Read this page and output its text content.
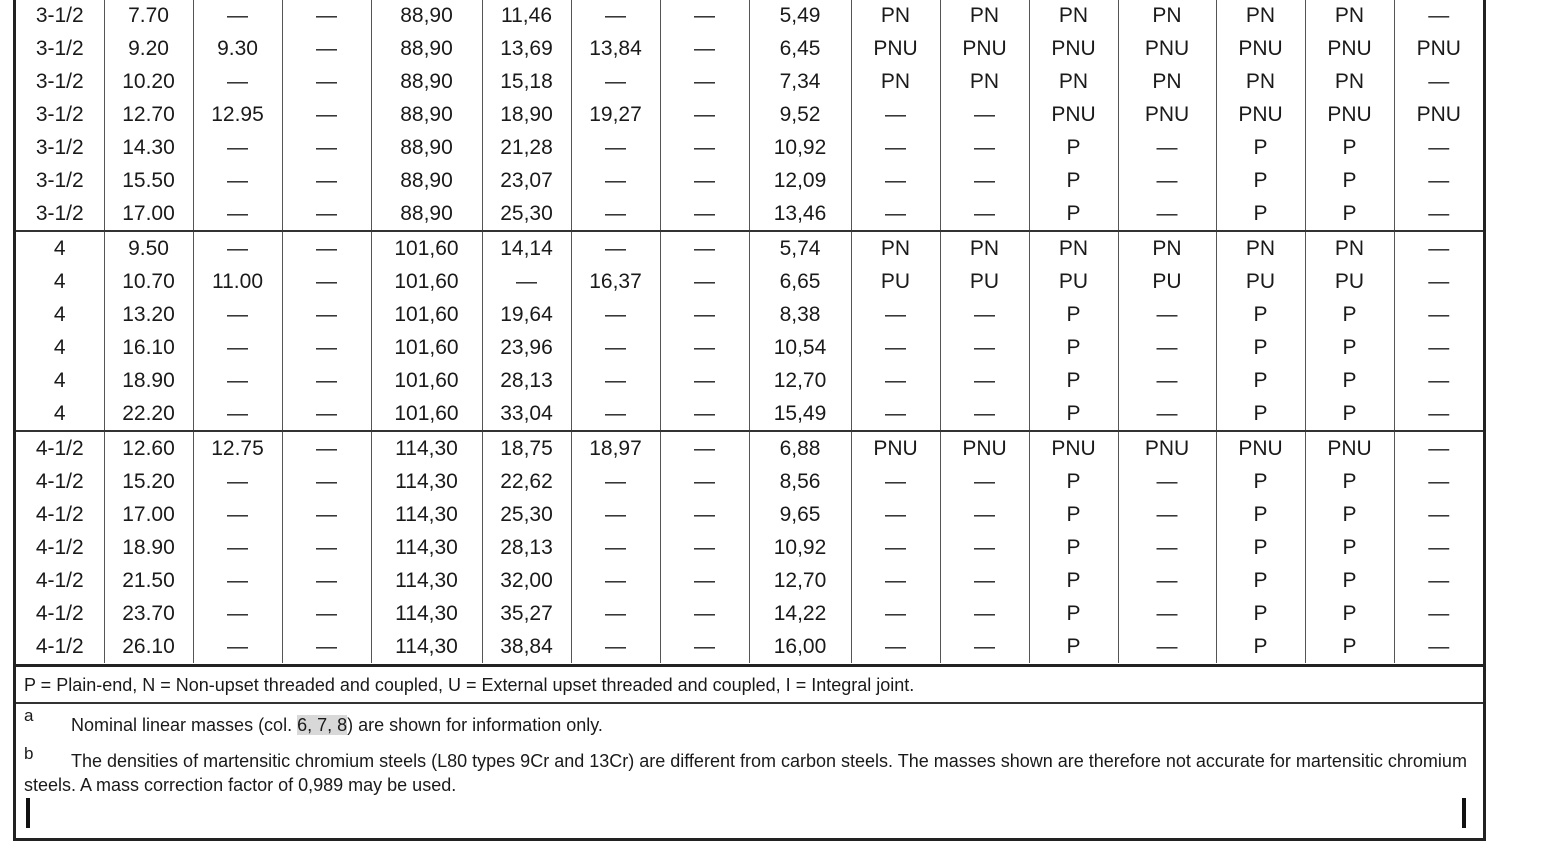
3-1/2	7.70	—	—	88,90	11,46	—	—	5,49	PN	PN	PN	PN	PN	PN	—
3-1/2	9.20	9.30	—	88,90	13,69	13,84	—	6,45	PNU	PNU	PNU	PNU	PNU	PNU	PNU
3-1/2	10.20	—	—	88,90	15,18	—	—	7,34	PN	PN	PN	PN	PN	PN	—
3-1/2	12.70	12.95	—	88,90	18,90	19,27	—	9,52	—	—	PNU	PNU	PNU	PNU	PNU
3-1/2	14.30	—	—	88,90	21,28	—	—	10,92	—	—	P	—	P	P	—
3-1/2	15.50	—	—	88,90	23,07	—	—	12,09	—	—	P	—	P	P	—
3-1/2	17.00	—	—	88,90	25,30	—	—	13,46	—	—	P	—	P	P	—
4	9.50	—	—	101,60	14,14	—	—	5,74	PN	PN	PN	PN	PN	PN	—
4	10.70	11.00	—	101,60	—	16,37	—	6,65	PU	PU	PU	PU	PU	PU	—
4	13.20	—	—	101,60	19,64	—	—	8,38	—	—	P	—	P	P	—
4	16.10	—	—	101,60	23,96	—	—	10,54	—	—	P	—	P	P	—
4	18.90	—	—	101,60	28,13	—	—	12,70	—	—	P	—	P	P	—
4	22.20	—	—	101,60	33,04	—	—	15,49	—	—	P	—	P	P	—
4-1/2	12.60	12.75	—	114,30	18,75	18,97	—	6,88	PNU	PNU	PNU	PNU	PNU	PNU	—
4-1/2	15.20	—	—	114,30	22,62	—	—	8,56	—	—	P	—	P	P	—
4-1/2	17.00	—	—	114,30	25,30	—	—	9,65	—	—	P	—	P	P	—
4-1/2	18.90	—	—	114,30	28,13	—	—	10,92	—	—	P	—	P	P	—
4-1/2	21.50	—	—	114,30	32,00	—	—	12,70	—	—	P	—	P	P	—
4-1/2	23.70	—	—	114,30	35,27	—	—	14,22	—	—	P	—	P	P	—
4-1/2	26.10	—	—	114,30	38,84	—	—	16,00	—	—	P	—	P	P	—
P = Plain-end, N = Non-upset threaded and coupled, U = External upset threaded and coupled, I = Integral joint.
a Nominal linear masses (col. 6, 7, 8) are shown for information only.
b	The densities of martensitic chromium steels (L80 types 9Cr and 13Cr) are different from carbon steels. The masses shown are therefore not accurate for martensitic chromium steels. A mass correction factor of 0,989 may be used.
